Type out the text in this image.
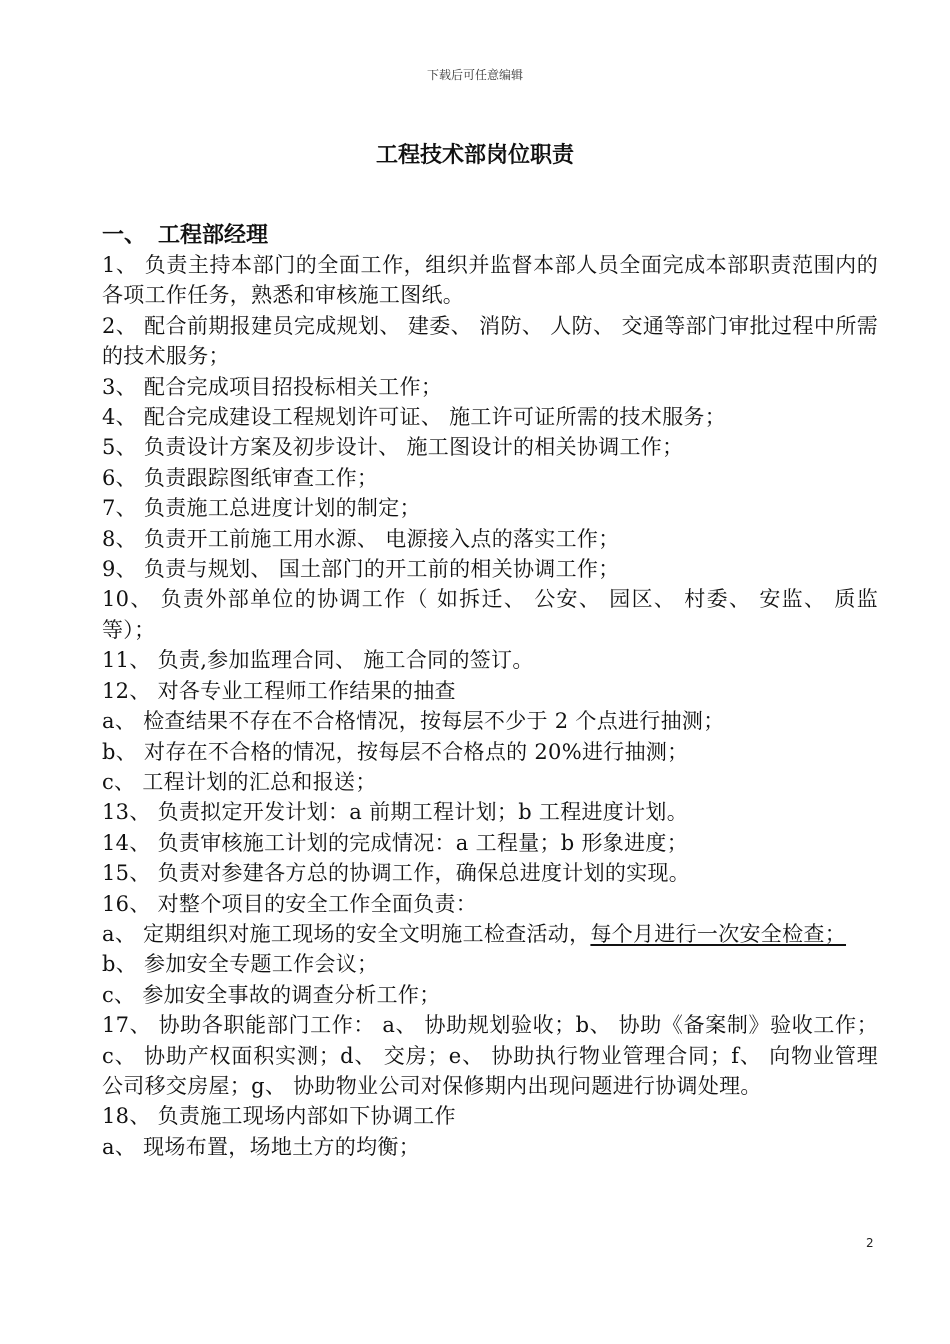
下载后可任意编辑
工程技术部岗位职责
一、 工程部经理

1、 负责主持本部门的全面工作，组织并监督本部人员全面完成本部职责范围内的各项工作任务，熟悉和审核施工图纸。

2、 配合前期报建员完成规划、 建委、 消防、 人防、 交通等部门审批过程中所需的技术服务；

3、 配合完成项目招投标相关工作；

4、 配合完成建设工程规划许可证、 施工许可证所需的技术服务；

5、 负责设计方案及初步设计、 施工图设计的相关协调工作；

6、 负责跟踪图纸审查工作；

7、 负责施工总进度计划的制定；

8、 负责开工前施工用水源、 电源接入点的落实工作；

9、 负责与规划、 国土部门的开工前的相关协调工作；

10、 负责外部单位的协调工作（ 如拆迁、 公安、 园区、 村委、 安监、 质监等）；

11、 负责,参加监理合同、 施工合同的签订。

12、 对各专业工程师工作结果的抽查

a、 检查结果不存在不合格情况，按每层不少于 2 个点进行抽测；

b、 对存在不合格的情况，按每层不合格点的 20%进行抽测；

c、 工程计划的汇总和报送；

13、 负责拟定开发计划：a 前期工程计划；b 工程进度计划。

14、 负责审核施工计划的完成情况：a 工程量；b 形象进度；

15、 负责对参建各方总的协调工作，确保总进度计划的实现。

16、 对整个项目的安全工作全面负责：

a、 定期组织对施工现场的安全文明施工检查活动，每个月进行一次安全检查；

b、 参加安全专题工作会议；

c、 参加安全事故的调查分析工作；

17、 协助各职能部门工作： a、 协助规划验收；b、 协助《备案制》验收工作；c、 协助产权面积实测；d、 交房；e、 协助执行物业管理合同；f、 向物业管理公司移交房屋；g、 协助物业公司对保修期内出现问题进行协调处理。

18、 负责施工现场内部如下协调工作

a、 现场布置，场地土方的均衡；

2
